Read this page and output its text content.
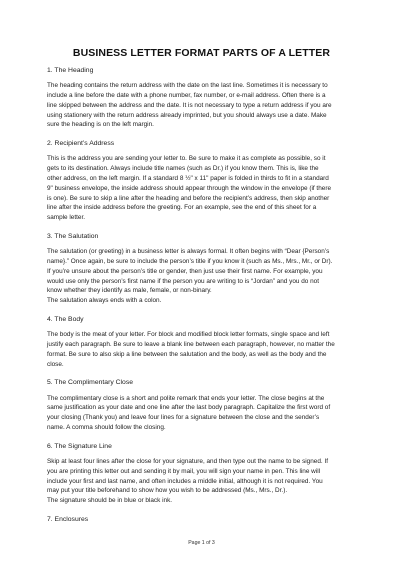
BUSINESS LETTER FORMAT PARTS OF A LETTER
1. The Heading
The heading contains the return address with the date on the last line. Sometimes it is necessary to
include a line before the date with a phone number, fax number, or e-mail address. Often there is a
line skipped between the address and the date. It is not necessary to type a return address if you are
using stationery with the return address already imprinted, but you should always use a date. Make
sure the heading is on the left margin.
2. Recipient’s Address
This is the address you are sending your letter to. Be sure to make it as complete as possible, so it
gets to its destination. Always include title names (such as Dr.) if you know them. This is, like the
other address, on the left margin. If a standard 8 ½" x 11" paper is folded in thirds to fit in a standard
9" business envelope, the inside address should appear through the window in the envelope (if there
is one). Be sure to skip a line after the heading and before the recipient’s address, then skip another
line after the inside address before the greeting. For an example, see the end of this sheet for a
sample letter.
3. The Salutation
The salutation (or greeting) in a business letter is always formal. It often begins with “Dear {Person’s
name}.” Once again, be sure to include the person’s title if you know it (such as Ms., Mrs., Mr., or Dr).
If you’re unsure about the person’s title or gender, then just use their first name. For example, you
would use only the person’s first name if the person you are writing to is “Jordan” and you do not
know whether they identify as male, female, or non-binary.
The salutation always ends with a colon.
4. The Body
The body is the meat of your letter. For block and modified block letter formats, single space and left
justify each paragraph. Be sure to leave a blank line between each paragraph, however, no matter the
format. Be sure to also skip a line between the salutation and the body, as well as the body and the
close.
5. The Complimentary Close
The complimentary close is a short and polite remark that ends your letter. The close begins at the
same justification as your date and one line after the last body paragraph. Capitalize the first word of
your closing (Thank you) and leave four lines for a signature between the close and the sender’s
name. A comma should follow the closing.
6. The Signature Line
Skip at least four lines after the close for your signature, and then type out the name to be signed. If
you are printing this letter out and sending it by mail, you will sign your name in pen. This line will
include your first and last name, and often includes a middle initial, although it is not required. You
may put your title beforehand to show how you wish to be addressed (Ms., Mrs., Dr.).
The signature should be in blue or black ink.
7. Enclosures
Page 1 of 3
